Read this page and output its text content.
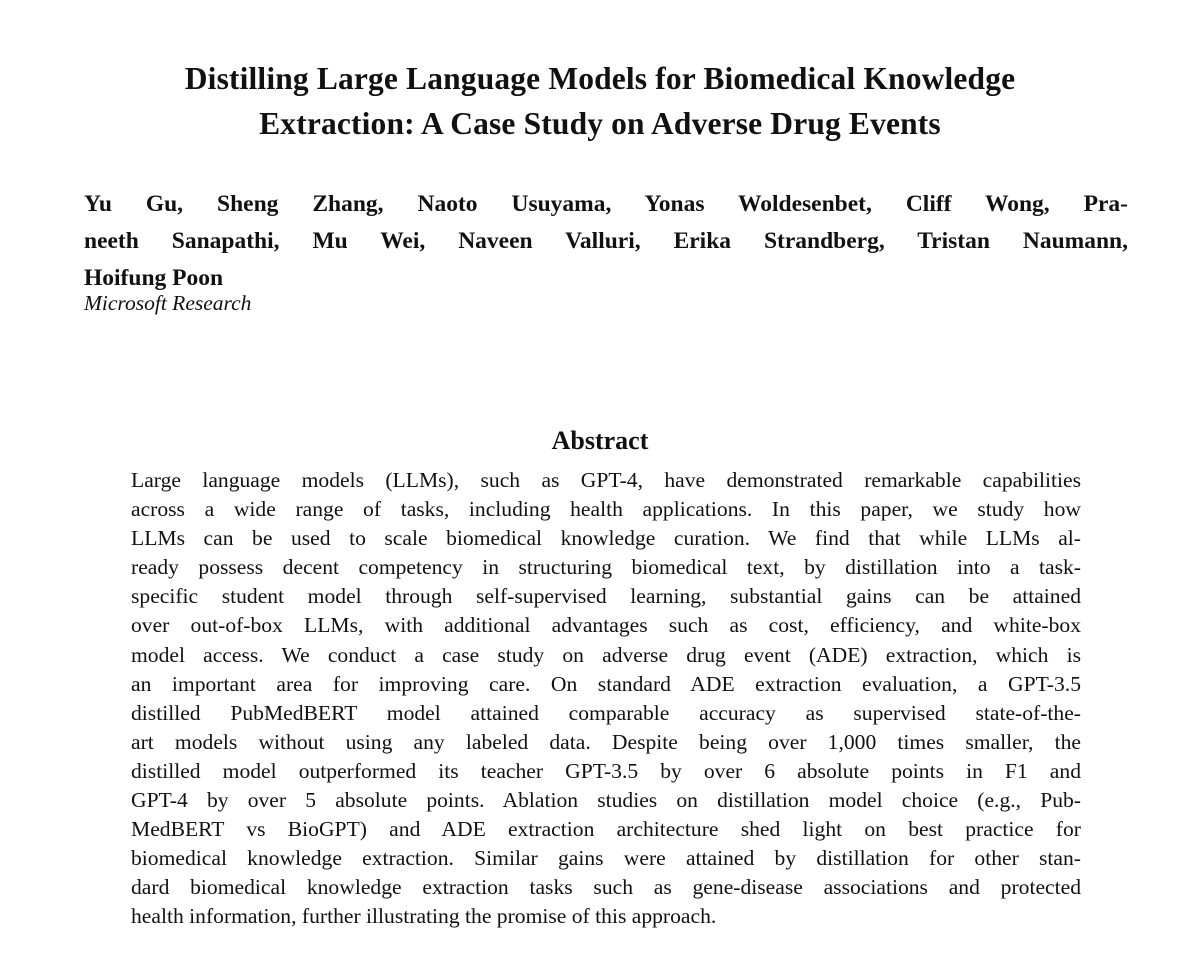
Distilling Large Language Models for Biomedical Knowledge
Extraction: A Case Study on Adverse Drug Events
Yu Gu, Sheng Zhang, Naoto Usuyama, Yonas Woldesenbet, Cliff Wong, Pra-
neeth Sanapathi, Mu Wei, Naveen Valluri, Erika Strandberg, Tristan Naumann,
Hoifung Poon
Microsoft Research
Abstract
Large language models (LLMs), such as GPT-4, have demonstrated remarkable capabilities
across a wide range of tasks, including health applications. In this paper, we study how
LLMs can be used to scale biomedical knowledge curation. We find that while LLMs al-
ready possess decent competency in structuring biomedical text, by distillation into a task-
specific student model through self-supervised learning, substantial gains can be attained
over out-of-box LLMs, with additional advantages such as cost, efficiency, and white-box
model access. We conduct a case study on adverse drug event (ADE) extraction, which is
an important area for improving care. On standard ADE extraction evaluation, a GPT-3.5
distilled PubMedBERT model attained comparable accuracy as supervised state-of-the-
art models without using any labeled data. Despite being over 1,000 times smaller, the
distilled model outperformed its teacher GPT-3.5 by over 6 absolute points in F1 and
GPT-4 by over 5 absolute points. Ablation studies on distillation model choice (e.g., Pub-
MedBERT vs BioGPT) and ADE extraction architecture shed light on best practice for
biomedical knowledge extraction. Similar gains were attained by distillation for other stan-
dard biomedical knowledge extraction tasks such as gene-disease associations and protected
health information, further illustrating the promise of this approach.
